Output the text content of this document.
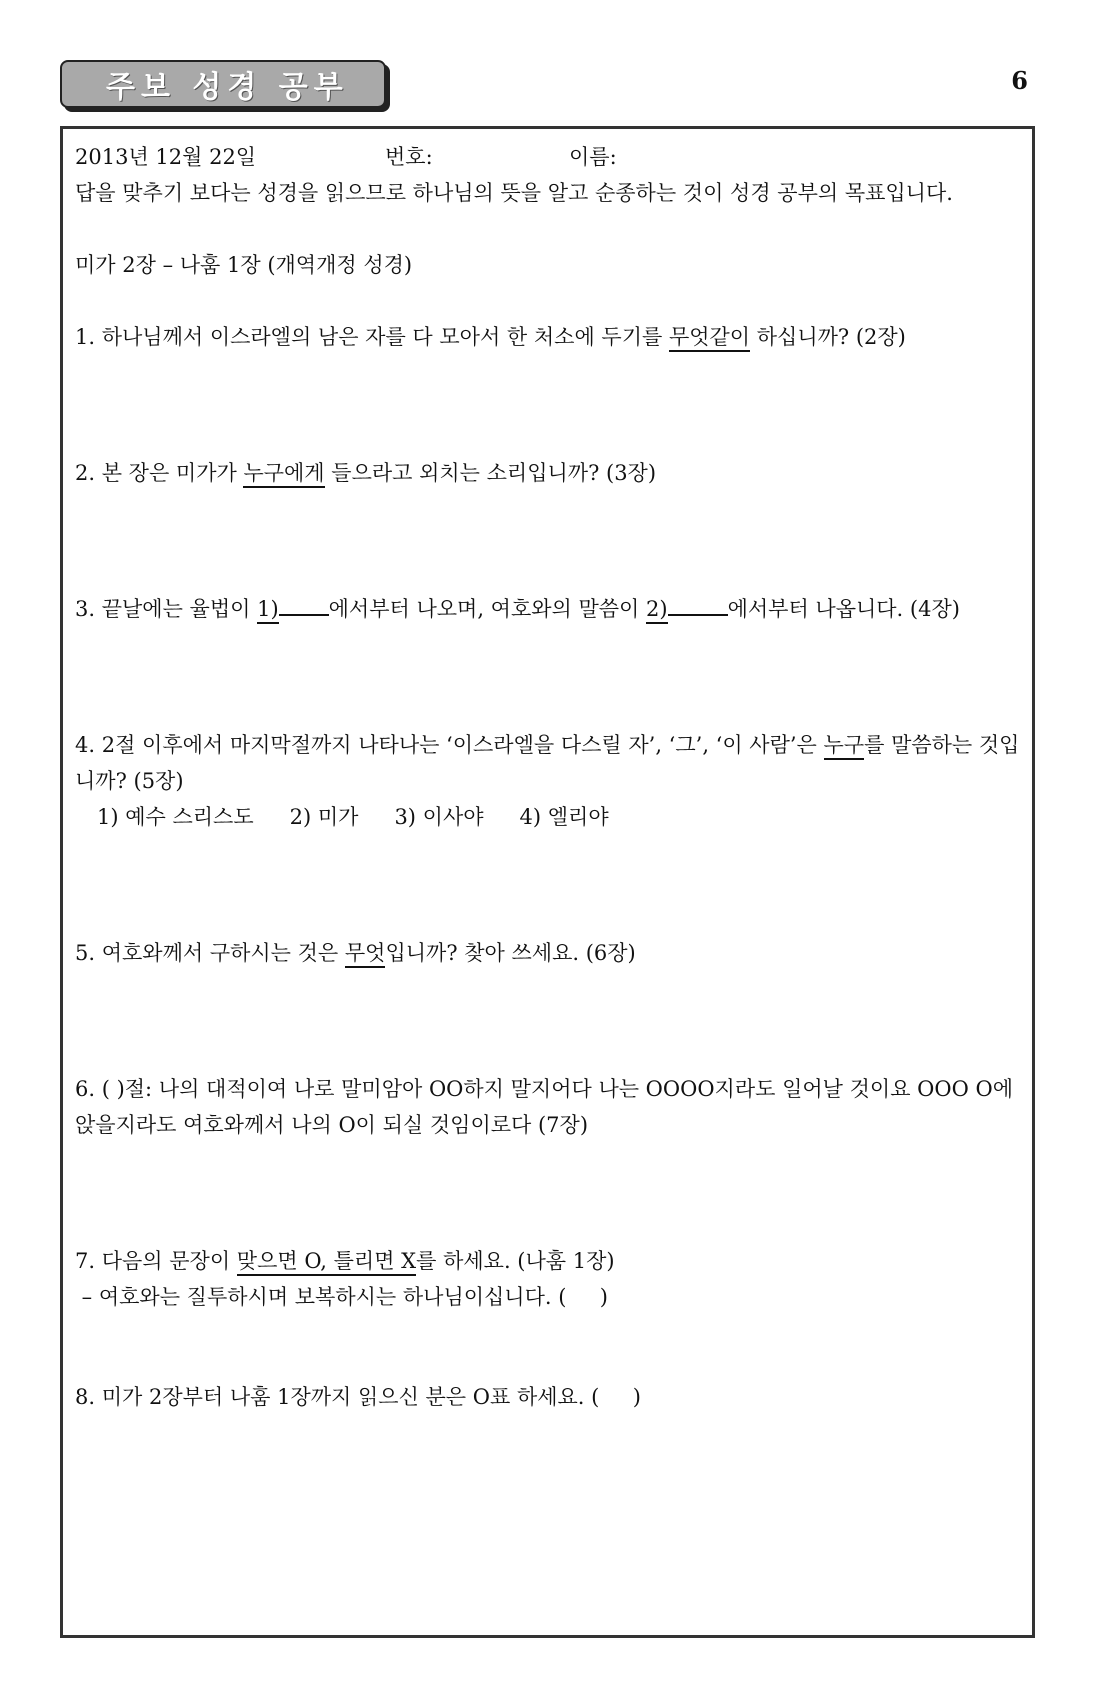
주보 성경 공부	6
2013년 12월 22일	번호:	이름:

답을 맞추기 보다는 성경을 읽으므로 하나님의 뜻을 알고 순종하는 것이 성경 공부의 목표입니다.

미가 2장 – 나훔 1장 (개역개정 성경)

1. 하나님께서 이스라엘의 남은 자를 다 모아서 한 처소에 두기를 무엇같이 하십니까? (2장)

2. 본 장은 미가가 누구에게 들으라고 외치는 소리입니까? (3장)

3. 끝날에는 율법이 1) 에서부터 나오며, 여호와의 말씀이 2)	에서부터 나옵니다. (4장)

4. 2절 이후에서 마지막절까지 나타나는 ‘이스라엘을 다스릴 자’, ‘그’, ‘이 사람’은 누구를 말씀하는 것입니까? (5장)

1) 예수 스리스도 2) 미가 3) 이사야 4) 엘리야

5. 여호와께서 구하시는 것은 무엇입니까? 찾아 쓰세요. (6장)

6. ( )절: 나의 대적이여 나로 말미암아 OO하지 말지어다 나는 OOOO지라도 일어날 것이요 OOO O에 앉을지라도 여호와께서 나의 O이 되실 것임이로다 (7장)

7. 다음의 문장이 맞으면 O, 틀리면 X를 하세요. (나훔 1장)

– 여호와는 질투하시며 보복하시는 하나님이십니다. (     )

8. 미가 2장부터 나훔 1장까지 읽으신 분은 O표 하세요. (     )
